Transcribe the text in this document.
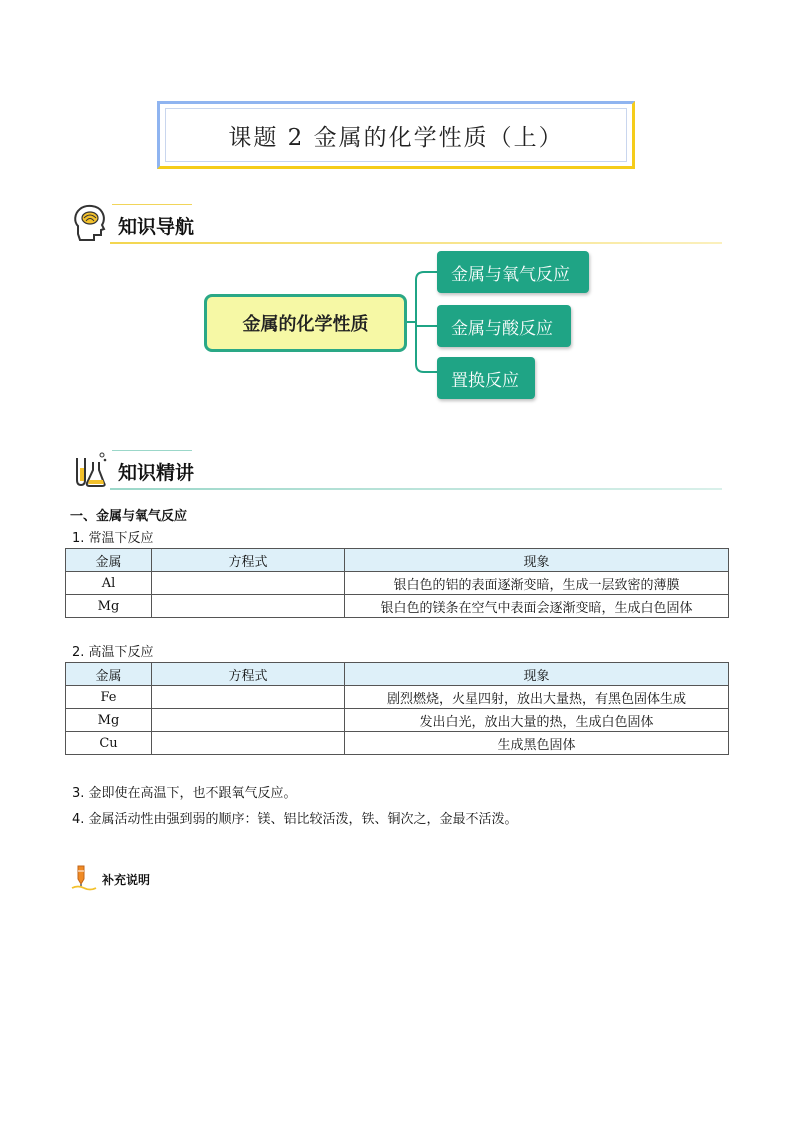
课题 2 金属的化学性质（上）
知识导航
金属的化学性质
金属与氧气反应
金属与酸反应
置换反应
知识精讲
一、金属与氧气反应
1. 常温下反应
金属	方程式	现象
Al		银白色的铝的表面逐渐变暗，生成一层致密的薄膜
Mg		银白色的镁条在空气中表面会逐渐变暗，生成白色固体
2. 高温下反应
金属	方程式	现象
Fe		剧烈燃烧，火星四射，放出大量热，有黑色固体生成
Mg		发出白光，放出大量的热，生成白色固体
Cu		生成黑色固体
3. 金即使在高温下，也不跟氧气反应。
4. 金属活动性由强到弱的顺序：镁、铝比较活泼，铁、铜次之，金最不活泼。
补充说明
